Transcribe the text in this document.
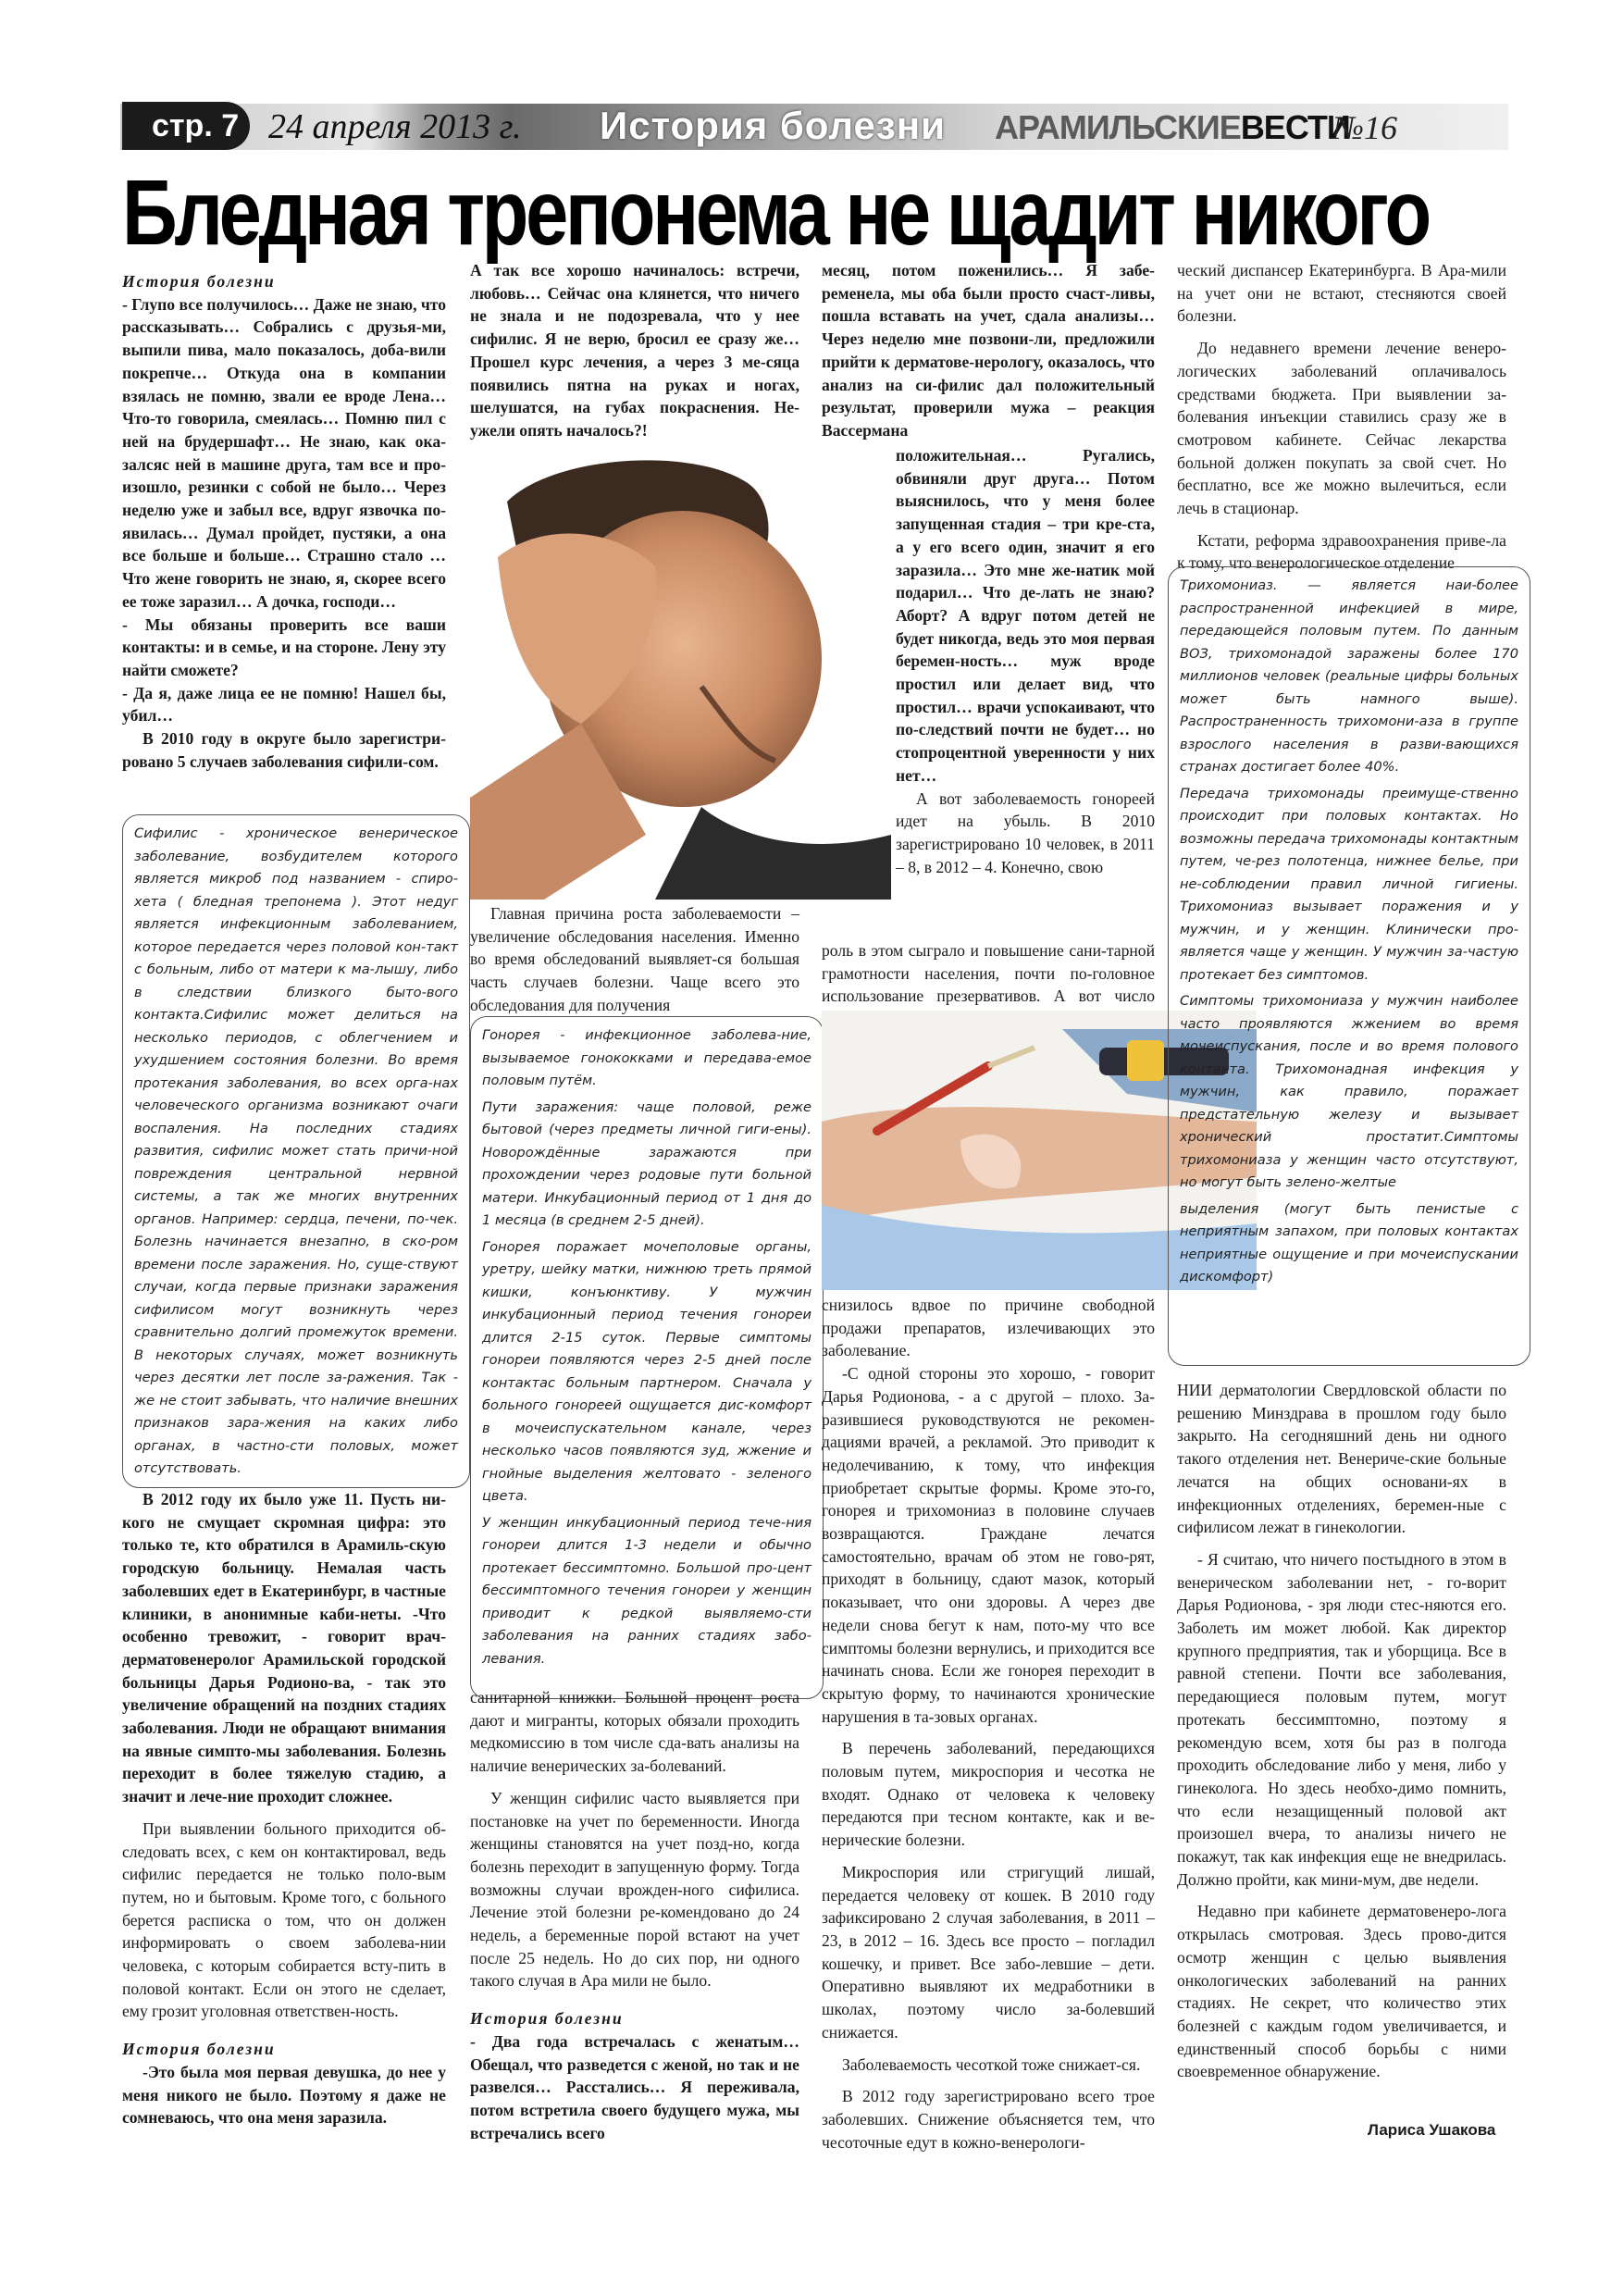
стр. 7 24 апреля 2013 г. История болезни АРАМИЛЬСКИЕВЕСТИ
№16
Бледная трепонема не щадит никого

История болезни

- Глупо все получилось… Даже не знаю, что рассказывать… Собрались с друзья-ми, выпили пива, мало показалось, доба-вили покрепче… Откуда она в компании взялась не помню, звали ее вроде Лена… Что-то говорила, смеялась… Помню пил с ней на брудершафт… Не знаю, как ока-залсяс ней в машине друга, там все и про-изошло, резинки с собой не было… Через неделю уже и забыл все, вдруг язвочка по-явилась… Думал пройдет, пустяки, а она все больше и больше… Страшно стало … Что жене говорить не знаю, я, скорее всего ее тоже заразил… А дочка, господи…

- Мы обязаны проверить все ваши контакты: и в семье, и на стороне. Лену эту найти сможете?

- Да я, даже лица ее не помню! Нашел бы, убил…

В 2010 году в округе было зарегистри-ровано 5 случаев заболевания сифили-сом.

Сифилис - хроническое венерическое заболевание, возбудителем которого является микроб под названием - спиро-хета ( бледная трепонема ). Этот недуг является инфекционным заболеванием, которое передается через половой кон-такт с больным, либо от матери к ма-лышу, либо в следствии близкого быто-вого контакта.Сифилис может делиться на несколько периодов, с облегчением и ухудшением состояния болезни. Во время протекания заболевания, во всех орга-нах человеческого организма возникают очаги воспаления. На последних стадиях развития, сифилис может стать причи-ной повреждения центральной нервной системы, а так же многих внутренних органов. Например: сердца, печени, по-чек. Болезнь начинается внезапно, в ско-ром времени после заражения. Но, суще-ствуют случаи, когда первые признаки заражения сифилисом могут возникнуть через сравнительно долгий промежуток времени. В некоторых случаях, может возникнуть через десятки лет после за-ражения. Так - же не стоит забывать, что наличие внешних признаков зара-жения на каких либо органах, в частно-сти половых, может отсутствовать.

В 2012 году их было уже 11. Пусть ни-кого не смущает скромная цифра: это только те, кто обратился в Арамиль-скую городскую больницу. Немалая часть заболевших едет в Екатеринбург, в частные клиники, в анонимные каби-неты. -Что особенно тревожит, - говорит врач-дерматовенеролог Арамильской городской больницы Дарья Родионо-ва, - так это увеличение обращений на поздних стадиях заболевания. Люди не обращают внимания на явные симпто-мы заболевания. Болезнь переходит в более тяжелую стадию, а значит и лече-ние проходит сложнее.

При выявлении больного приходится об-следовать всех, с кем он контактировал, ведь сифилис передается не только поло-вым путем, но и бытовым. Кроме того, с больного берется расписка о том, что он должен информировать о своем заболева-нии человека, с которым собирается всту-пить в половой контакт. Если он этого не сделает, ему грозит уголовная ответствен-ность.

История болезни

-Это была моя первая девушка, до нее у меня никого не было. Поэтому я даже не сомневаюсь, что она меня заразила.

А так все хорошо начиналось: встречи, любовь… Сейчас она клянется, что ничего не знала и не подозревала, что у нее сифилис. Я не верю, бросил ее сразу же… Прошел курс лечения, а через 3 ме-сяца появились пятна на руках и ногах, шелушатся, на губах покраснения. Не-ужели опять началось?!

Главная причина роста заболеваемости – увеличение обследования населения. Именно во время обследований выявляет-ся большая часть случаев болезни. Чаще всего это обследования для получения

Гонорея - инфекционное заболева-ние, вызываемое гонококками и передава-емое половым путём.

Пути заражения: чаще половой, реже бытовой (через предметы личной гиги-ены). Новорождённые заражаются при прохождении через родовые пути больной матери. Инкубационный период от 1 дня до 1 месяца (в среднем 2-5 дней).

Гонорея поражает мочеполовые органы, уретру, шейку матки, нижнюю треть прямой кишки, конъюнктиву. У мужчин инкубационный период течения гонореи длится 2-15 суток. Первые симптомы гонореи появляются через 2-5 дней после контактас больным партнером. Сначала у больного гонореей ощущается дис-комфорт в мочеиспускательном канале, через несколько часов появляются зуд, жжение и гнойные выделения желтовато - зеленого цвета.

У женщин инкубационный период тече-ния гонореи длится 1-3 недели и обычно протекает бессимптомно. Большой про-цент бессимптомного течения гонореи у женщин приводит к редкой выявляемо-сти заболевания на ранних стадиях забо-левания.

санитарной книжки. Большой процент роста дают и мигранты, которых обязали проходить медкомиссию в том числе сда-вать анализы на наличие венерических за-болеваний.

У женщин сифилис часто выявляется при постановке на учет по беременности. Иногда женщины становятся на учет позд-но, когда болезнь переходит в запущенную форму. Тогда возможны случаи врожден-ного сифилиса. Лечение этой болезни ре-комендовано до 24 недель, а беременные порой встают на учет после 25 недель. Но до сих пор, ни одного такого случая в Ара мили не было.

История болезни

- Два года встречалась с женатым… Обещал, что разведется с женой, но так и не развелся… Расстались… Я переживала, потом встретила своего будущего мужа, мы встречались всего

месяц, потом поженились… Я забе-ременела, мы оба были просто счаст-ливы, пошла вставать на учет, сдала анализы… Через неделю мне позвони-ли, предложили прийти к дерматове-нерологу, оказалось, что анализ на си-филис дал положительный результат, проверили мужа – реакция Вассермана

положительная… Ругались, обвиняли друг друга… Потом выяснилось, что у меня более запущенная стадия – три кре-ста, а у его всего один, значит я его заразила… Это мне же-натик мой подарил… Что де-лать не знаю? Аборт? А вдруг потом детей не будет никогда, ведь это моя первая беремен-ность… муж вроде простил или делает вид, что простил… врачи успокаивают, что по-следствий почти не будет… но стопроцентной уверенности у них нет…

А вот заболеваемость гонореей идет на убыль. В 2010 зарегистрировано 10 человек, в 2011 – 8, в 2012 – 4. Конечно, свою

роль в этом сыграло и повышение сани-тарной грамотности населения, почти по-головное использование презервативов. А вот число

снизилось вдвое по причине свободной продажи препаратов, излечивающих это заболевание.

-С одной стороны это хорошо, - говорит Дарья Родионова, - а с другой – плохо. За-разившиеся руководствуются не рекомен-дациями врачей, а рекламой. Это приводит к недолечиванию, к тому, что инфекция приобретает скрытые формы. Кроме это-го, гонорея и трихомониаз в половине случаев возвращаются. Граждане лечатся самостоятельно, врачам об этом не гово-рят, приходят в больницу, сдают мазок, который показывает, что они здоровы. А через две недели снова бегут к нам, пото-му что все симптомы болезни вернулись, и приходится все начинать снова. Если же гонорея переходит в скрытую форму, то начинаются хронические нарушения в та-зовых органах.

В перечень заболеваний, передающихся половым путем, микроспория и чесотка не входят. Однако от человека к человеку передаются при тесном контакте, как и ве-нерические болезни.

Микроспория или стригущий лишай, передается человеку от кошек. В 2010 году зафиксировано 2 случая заболевания, в 2011 – 23, в 2012 – 16. Здесь все просто – погладил кошечку, и привет. Все забо-левшие – дети. Оперативно выявляют их медработники в школах, поэтому число за-болевший снижается.

Заболеваемость чесоткой тоже снижает-ся.

В 2012 году зарегистрировано всего трое заболевших. Снижение объясняется тем, что чесоточные едут в кожно-венерологи-

ческий диспансер Екатеринбурга. В Ара-мили на учет они не встают, стесняются своей болезни.

До недавнего времени лечение венеро-логических заболеваний оплачивалось средствами бюджета. При выявлении за-болевания инъекции ставились сразу же в смотровом кабинете. Сейчас лекарства больной должен покупать за свой счет. Но бесплатно, все же можно вылечиться, если лечь в стационар.

Кстати, реформа здравоохранения приве-ла к тому, что венерологическое отделение

Трихомониаз. — является наи-более распространенной инфекцией в мире, передающейся половым путем. По данным ВОЗ, трихомонадой заражены более 170 миллионов человек (реальные цифры больных может быть намного выше). Распространенность трихомони-аза в группе взрослого населения в разви-вающихся странах достигает более 40%.

Передача трихомонады преимуще-ственно происходит при половых контактах. Но возможны передача трихомонады контактным путем, че-рез полотенца, нижнее белье, при не-соблюдении правил личной гигиены. Трихомониаз вызывает поражения и у мужчин, и у женщин. Клинически про-является чаще у женщин. У мужчин за-частую протекает без симптомов.

Симптомы трихомониаза у мужчин наиболее часто проявляются жжением во время мочеиспускания, после и во время полового контакта. Трихомонадная инфекция у мужчин, как правило, поражает предстательную железу и вызывает хронический простатит.Симптомы трихомониаза у женщин часто отсутствуют, но могут быть зелено-желтые

выделения (могут быть пенистые с неприятным запахом, при половых контактах неприятные ощущение и при мочеиспускании дискомфорт)

НИИ дерматологии Свердловской области по решению Минздрава в прошлом году было закрыто. На сегодняшний день ни одного такого отделения нет. Венериче-ские больные лечатся на общих основани-ях в инфекционных отделениях, беремен-ные с сифилисом лежат в гинекологии.

- Я считаю, что ничего постыдного в этом в венерическом заболевании нет, - го-ворит Дарья Родионова, - зря люди стес-няются его. Заболеть им может любой. Как директор крупного предприятия, так и уборщица. Все в равной степени. Почти все заболевания, передающиеся половым путем, могут протекать бессимптомно, поэтому я рекомендую всем, хотя бы раз в полгода проходить обследование либо у меня, либо у гинеколога. Но здесь необхо-димо помнить, что если незащищенный половой акт произошел вчера, то анализы ничего не покажут, так как инфекция еще не внедрилась. Должно пройти, как мини-мум, две недели.

Недавно при кабинете дерматовенеро-лога открылась смотровая. Здесь прово-дится осмотр женщин с целью выявления онкологических заболеваний на ранних стадиях. Не секрет, что количество этих болезней с каждым годом увеличивается, и единственный способ борьбы с ними своевременное обнаружение.

Лариса Ушакова
